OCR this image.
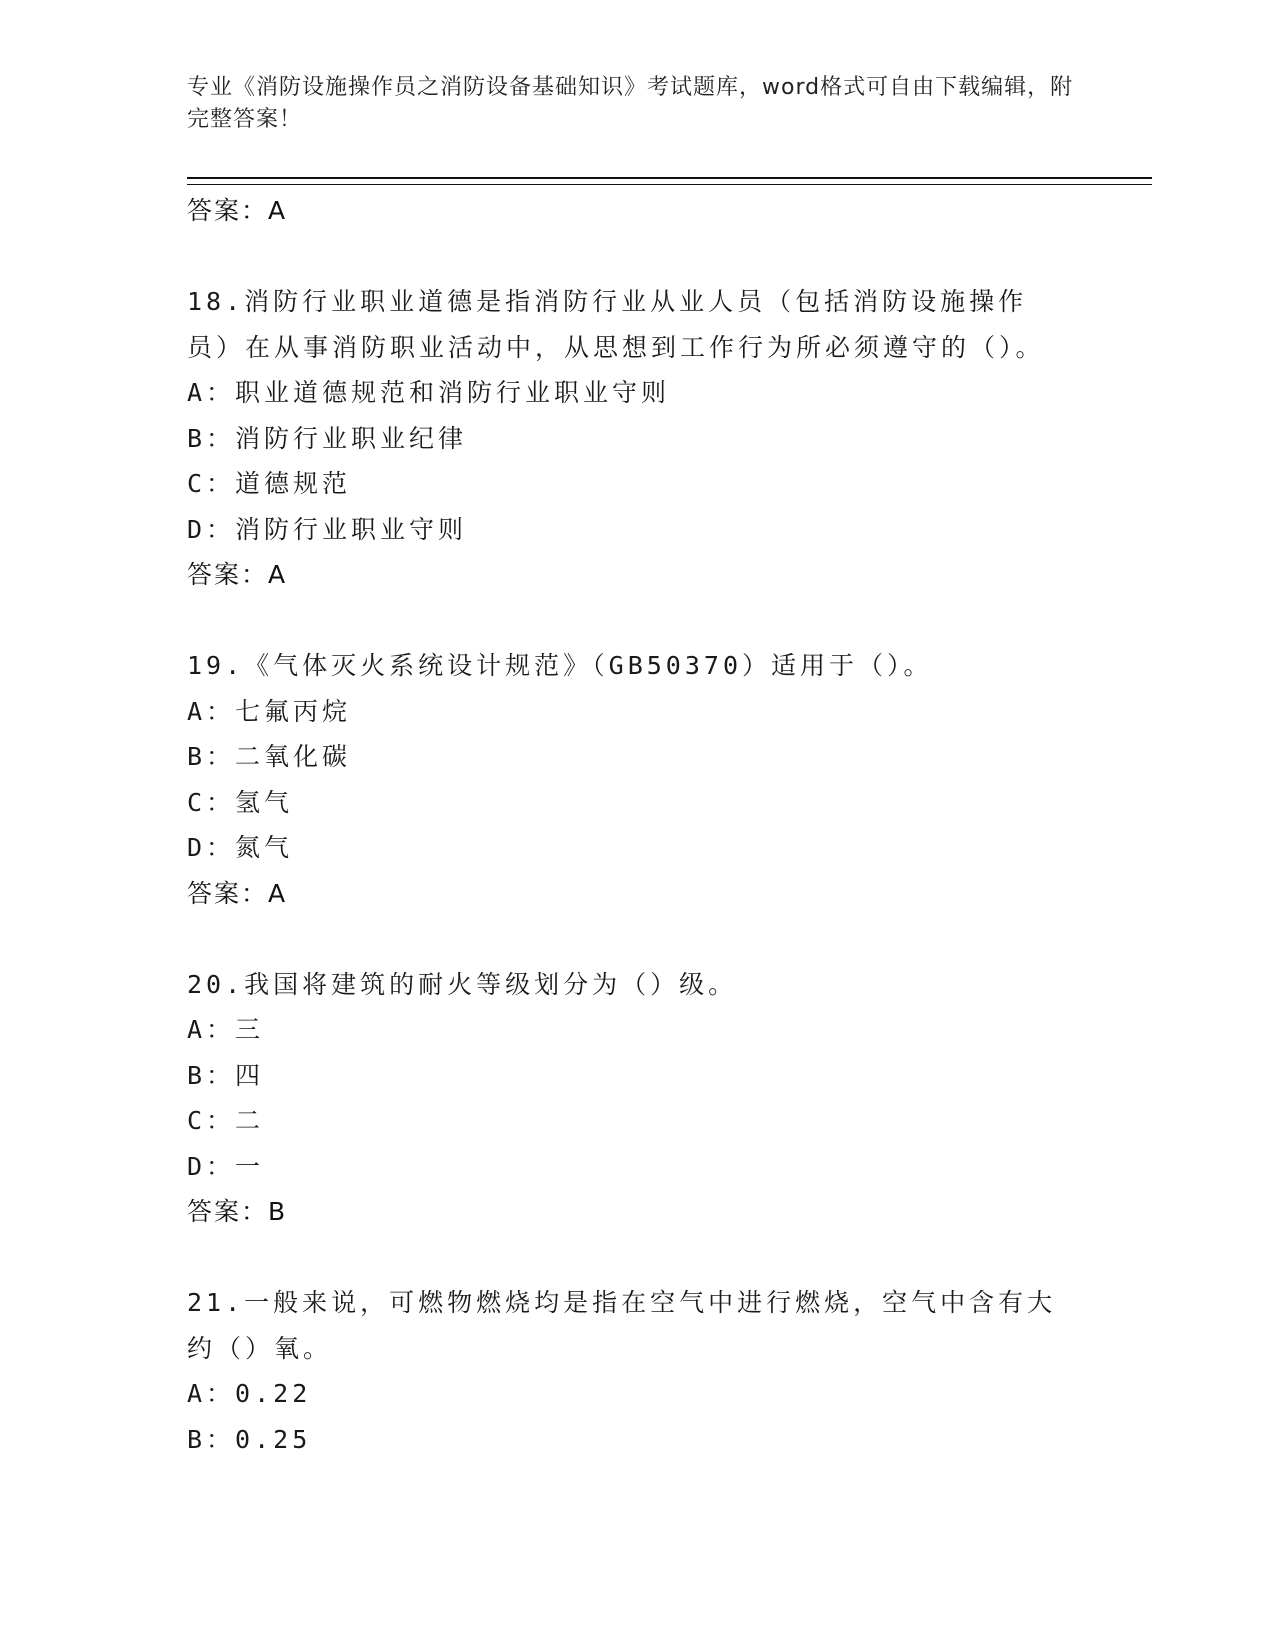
专业《消防设施操作员之消防设备基础知识》考试题库，word格式可自由下载编辑，附完整答案！
答案：A
18.消防行业职业道德是指消防行业从业人员（包括消防设施操作员）在从事消防职业活动中，从思想到工作行为所必须遵守的（）。
A：职业道德规范和消防行业职业守则
B：消防行业职业纪律
C：道德规范
D：消防行业职业守则
答案：A
19.《气体灭火系统设计规范》（GB50370）适用于（）。
A：七氟丙烷
B：二氧化碳
C：氢气
D：氮气
答案：A
20.我国将建筑的耐火等级划分为（）级。
A：三
B：四
C：二
D：一
答案：B
21.一般来说，可燃物燃烧均是指在空气中进行燃烧，空气中含有大约（）氧。
A：0.22
B：0.25
